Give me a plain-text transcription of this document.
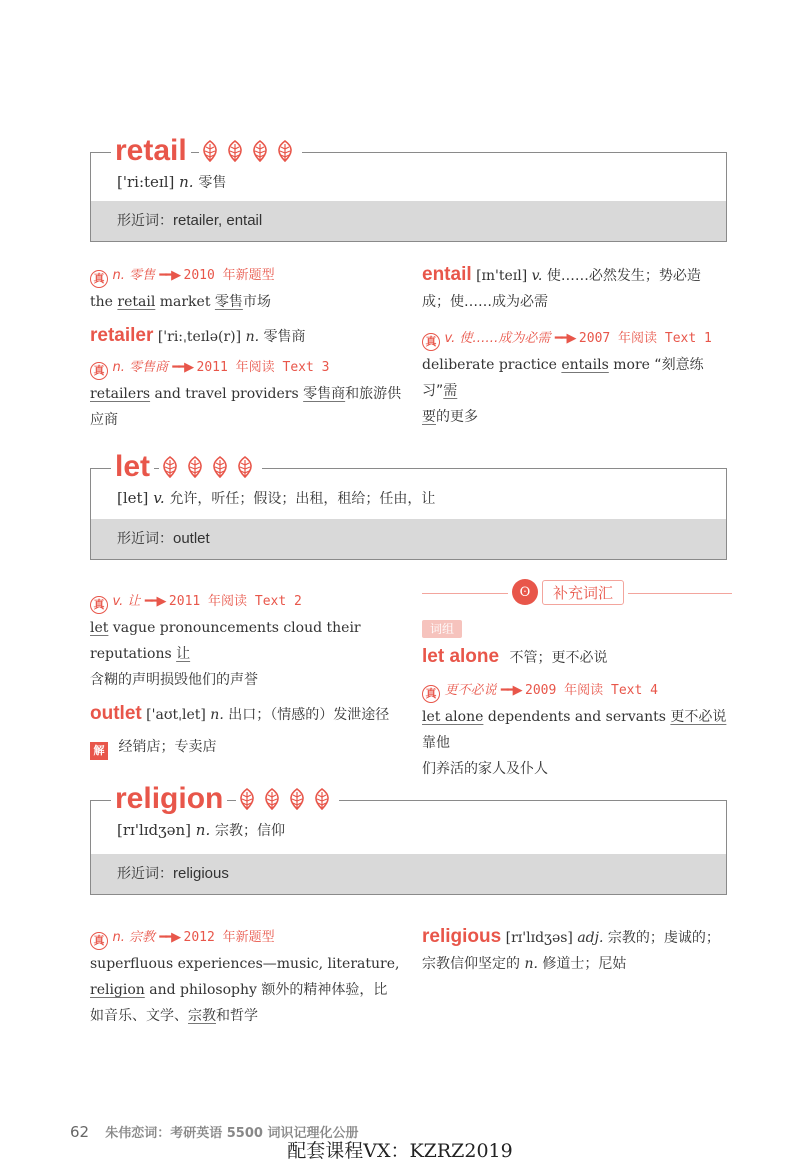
retail
['ri:teɪl] n. 零售
形近词：retailer, entail
真 n. 零售 ━━▶ 2010 年新题型
the retail market 零售市场
retailer ['ri:ˌteɪlə(r)] n. 零售商
真 n. 零售商 ━━▶ 2011 年阅读 Text 3
retailers and travel providers 零售商和旅游供
应商
entail [ɪn'teɪl] v. 使……必然发生；势必造
成；使……成为必需
真 v. 使……成为必需 ━━▶ 2007 年阅读 Text 1
deliberate practice entails more “刻意练习”需
要的更多
let
[let] v. 允许，听任；假设；出租，租给；任由，让
形近词：outlet
真 v. 让 ━━▶ 2011 年阅读 Text 2
let vague pronouncements cloud their reputations 让
含糊的声明损毁他们的声誉
outlet ['aʊtˌlet] n. 出口；（情感的）发泄途径
解 经销店；专卖店
ʘ	补充词汇
词组
let alone 不管；更不必说
真 更不必说 ━━▶ 2009 年阅读 Text 4
let alone dependents and servants 更不必说靠他
们养活的家人及仆人
religion
[rɪ'lɪdʒən] n. 宗教；信仰
形近词：religious
真 n. 宗教 ━━▶ 2012 年新题型
superfluous experiences—music, literature,
religion and philosophy 额外的精神体验，比
如音乐、文学、宗教和哲学
religious [rɪ'lɪdʒəs] adj. 宗教的；虔诚的；
宗教信仰坚定的 n. 修道士；尼姑
62 朱伟恋词：考研英语 5500 词识记理化公册
配套课程VX：KZRZ2019
